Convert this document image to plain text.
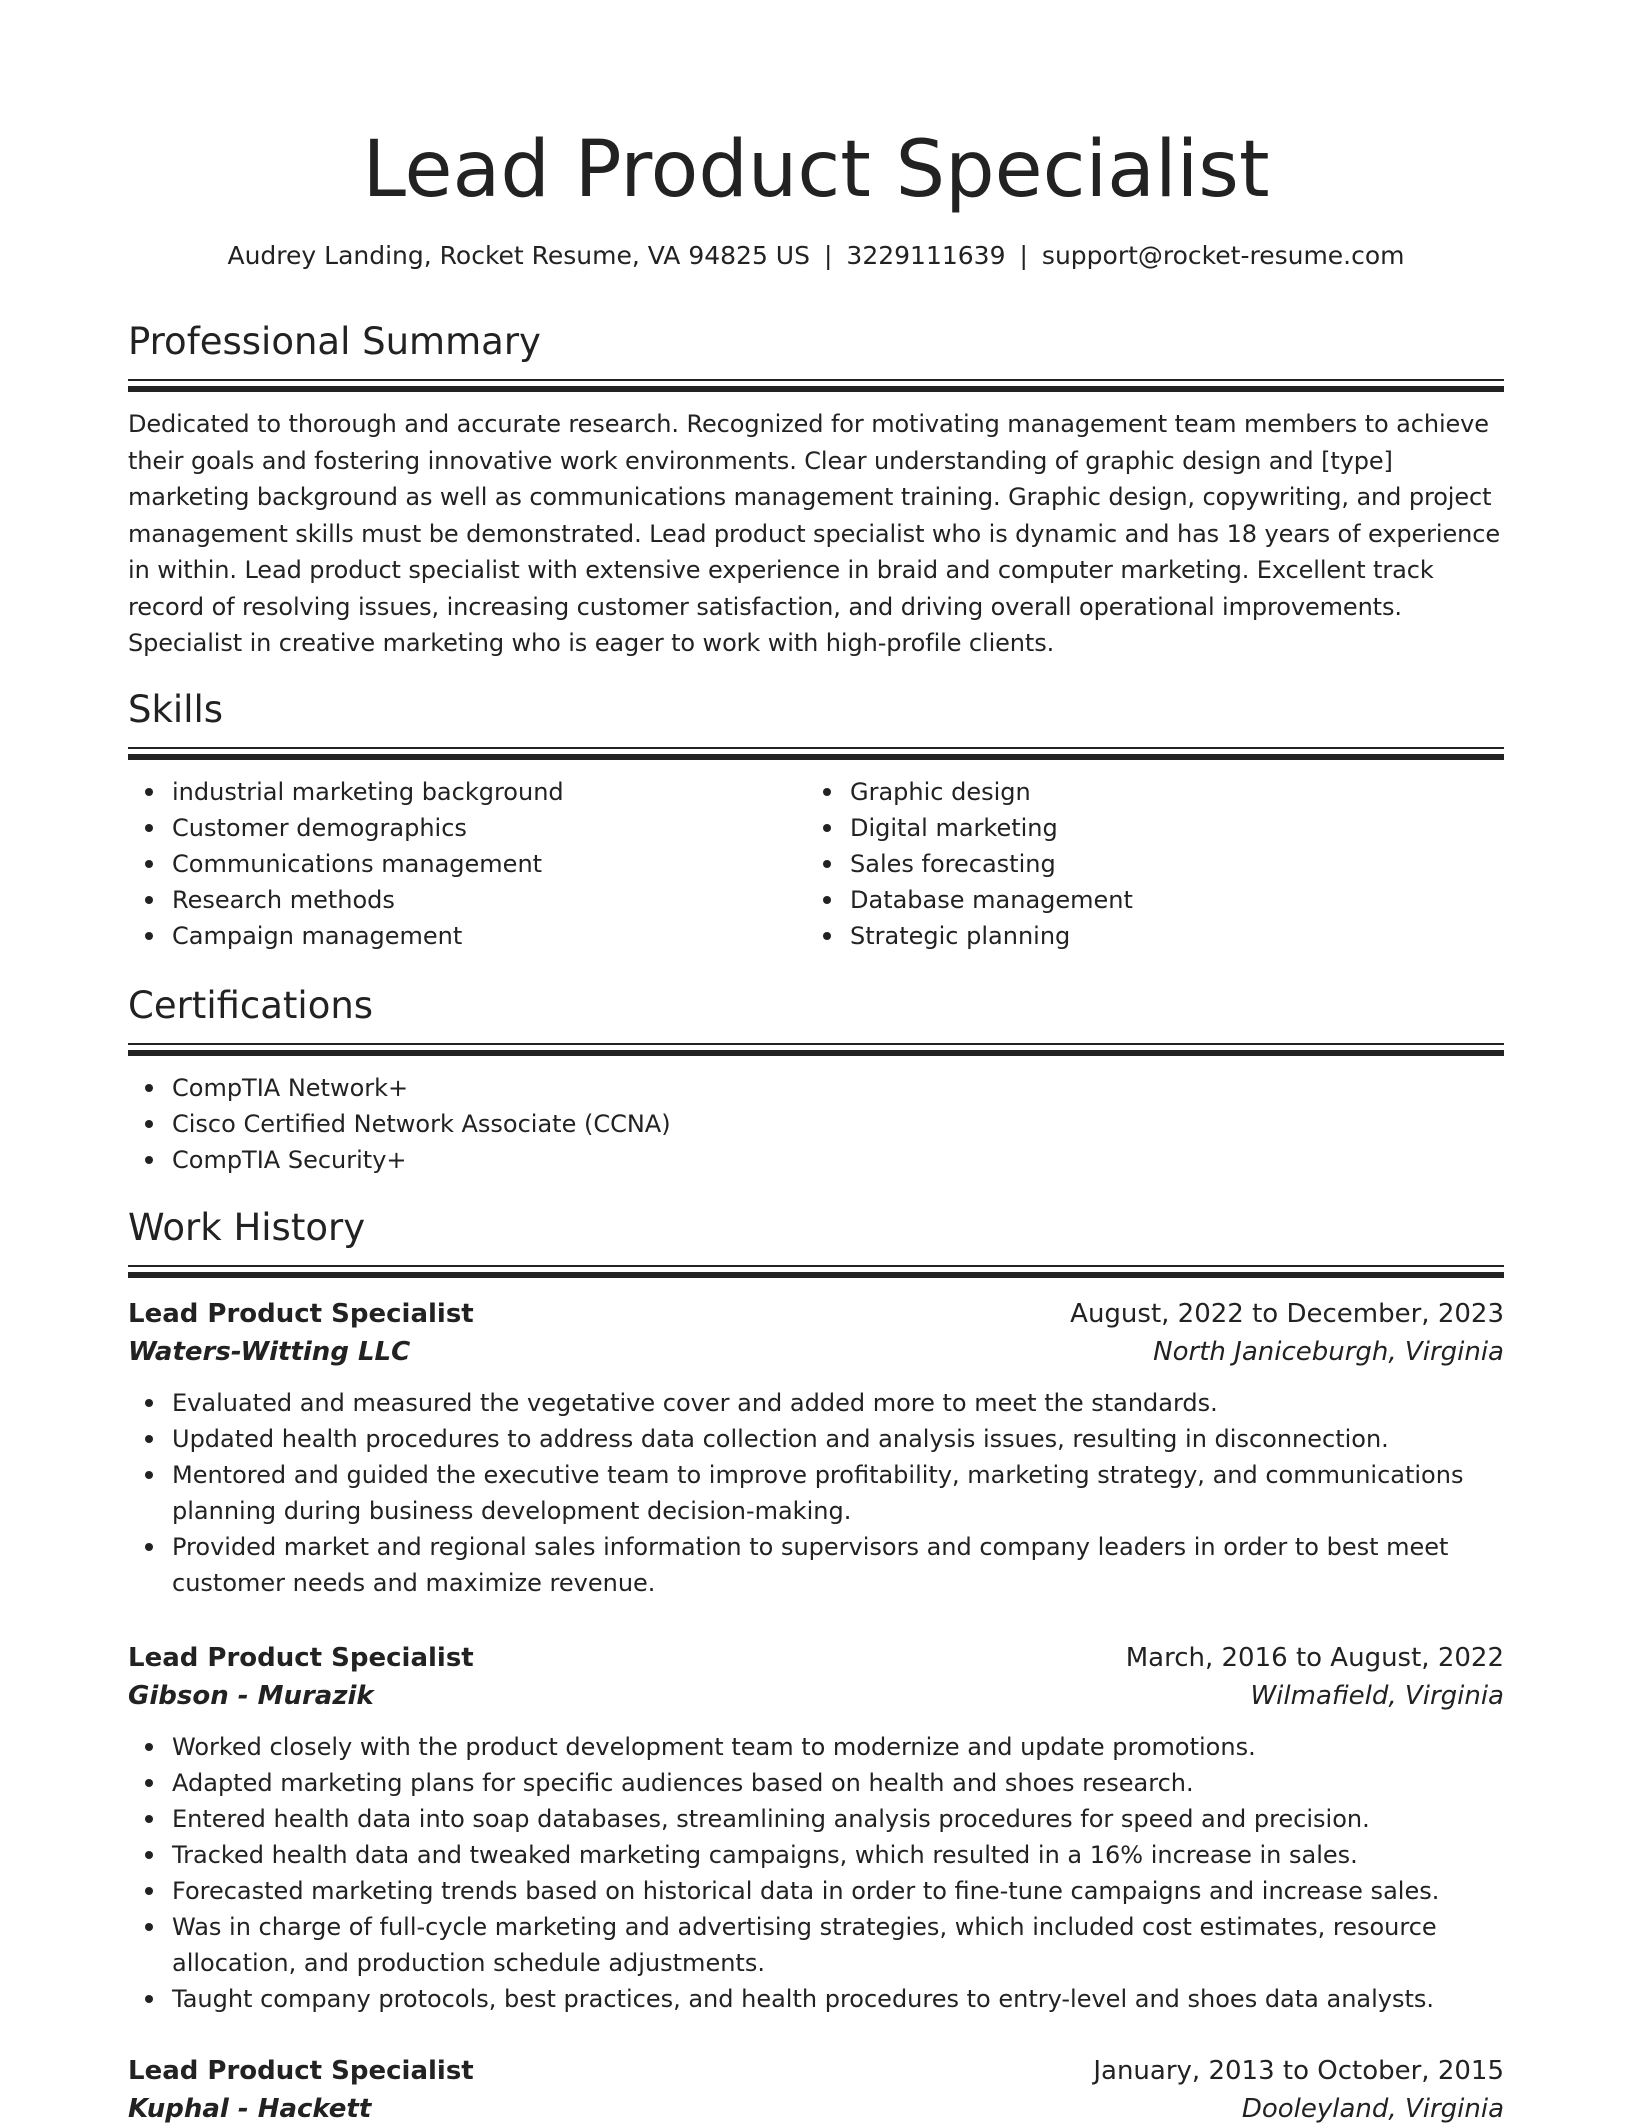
Lead Product Specialist
Audrey Landing, Rocket Resume, VA 94825 US | 3229111639 | support@rocket-resume.com
Professional Summary

Dedicated to thorough and accurate research. Recognized for motivating management team members to achieve their goals and fostering innovative work environments. Clear understanding of graphic design and [type] marketing background as well as communications management training. Graphic design, copywriting, and project management skills must be demonstrated. Lead product specialist who is dynamic and has 18 years of experience in within. Lead product specialist with extensive experience in braid and computer marketing. Excellent track record of resolving issues, increasing customer satisfaction, and driving overall operational improvements. Specialist in creative marketing who is eager to work with high-profile clients.

Skills
industrial marketing background
Customer demographics
Communications management
Research methods
Campaign management
Graphic design
Digital marketing
Sales forecasting
Database management
Strategic planning
Certifications
CompTIA Network+
Cisco Certified Network Associate (CCNA)
CompTIA Security+
Work History
Lead Product Specialist	August, 2022 to December, 2023
Waters-Witting LLC	North Janiceburgh, Virginia
Evaluated and measured the vegetative cover and added more to meet the standards.
Updated health procedures to address data collection and analysis issues, resulting in disconnection.
Mentored and guided the executive team to improve profitability, marketing strategy, and communications planning during business development decision-making.
Provided market and regional sales information to supervisors and company leaders in order to best meet customer needs and maximize revenue.
Lead Product Specialist	March, 2016 to August, 2022
Gibson - Murazik	Wilmafield, Virginia
Worked closely with the product development team to modernize and update promotions.
Adapted marketing plans for specific audiences based on health and shoes research.
Entered health data into soap databases, streamlining analysis procedures for speed and precision.
Tracked health data and tweaked marketing campaigns, which resulted in a 16% increase in sales.
Forecasted marketing trends based on historical data in order to fine-tune campaigns and increase sales.
Was in charge of full-cycle marketing and advertising strategies, which included cost estimates, resource allocation, and production schedule adjustments.
Taught company protocols, best practices, and health procedures to entry-level and shoes data analysts.
Lead Product Specialist	January, 2013 to October, 2015
Kuphal - Hackett	Dooleyland, Virginia
